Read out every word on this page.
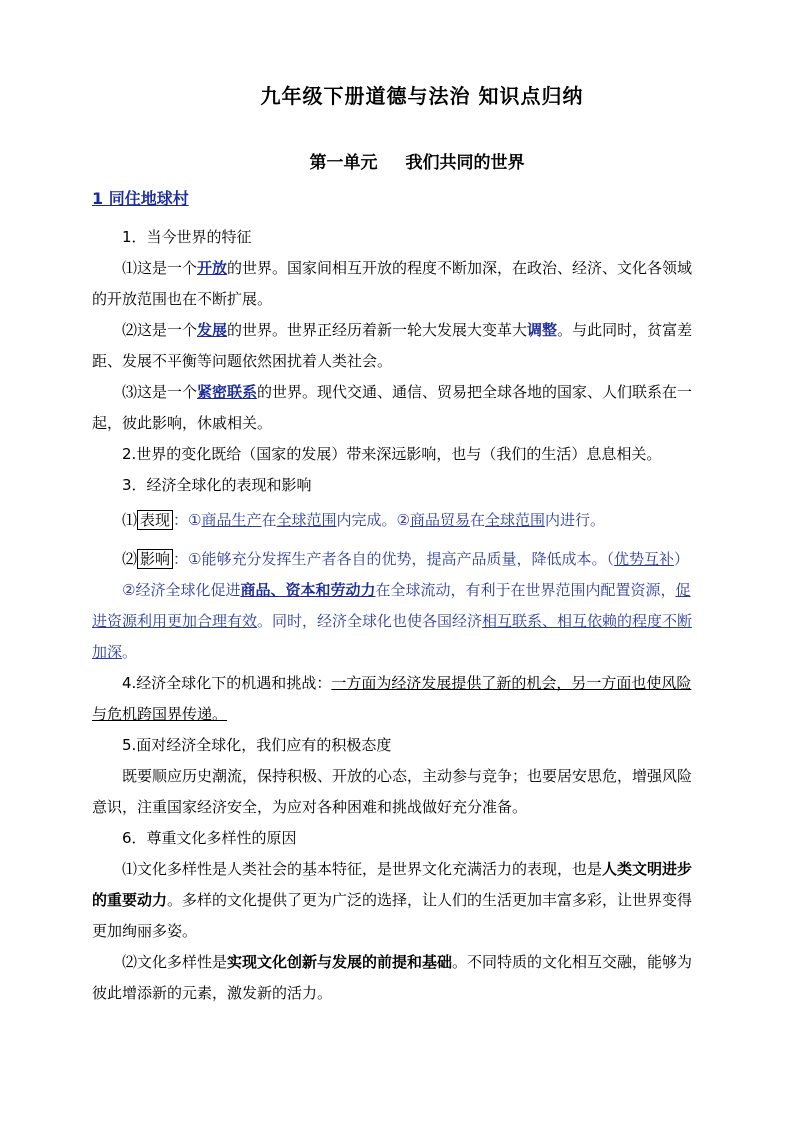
九年级下册道德与法治 知识点归纳
第一单元 我们共同的世界
1 同住地球村

1．当今世界的特征

⑴这是一个开放的世界。国家间相互开放的程度不断加深，在政治、经济、文化各领域的开放范围也在不断扩展。

⑵这是一个发展的世界。世界正经历着新一轮大发展大变革大调整。与此同时，贫富差距、发展不平衡等问题依然困扰着人类社会。

⑶这是一个紧密联系的世界。现代交通、通信、贸易把全球各地的国家、人们联系在一起，彼此影响，休戚相关。

2.世界的变化既给（国家的发展）带来深远影响，也与（我们的生活）息息相关。

3．经济全球化的表现和影响

⑴ 表现 ：①商品生产在全球范围内完成。②商品贸易在全球范围内进行。

⑵ 影响 ：①能够充分发挥生产者各自的优势，提高产品质量，降低成本。（优势互补）

②经济全球化促进商品、资本和劳动力在全球流动，有利于在世界范围内配置资源，促进资源利用更加合理有效。同时，经济全球化也使各国经济相互联系、相互依赖的程度不断加深。

4.经济全球化下的机遇和挑战：一方面为经济发展提供了新的机会，另一方面也使风险与危机跨国界传递。

5.面对经济全球化，我们应有的积极态度

既要顺应历史潮流，保持积极、开放的心态，主动参与竞争；也要居安思危，增强风险意识，注重国家经济安全，为应对各种困难和挑战做好充分准备。

6．尊重文化多样性的原因

⑴文化多样性是人类社会的基本特征，是世界文化充满活力的表现，也是人类文明进步的重要动力。多样的文化提供了更为广泛的选择，让人们的生活更加丰富多彩，让世界变得更加绚丽多姿。

⑵文化多样性是实现文化创新与发展的前提和基础。不同特质的文化相互交融，能够为彼此增添新的元素，激发新的活力。
